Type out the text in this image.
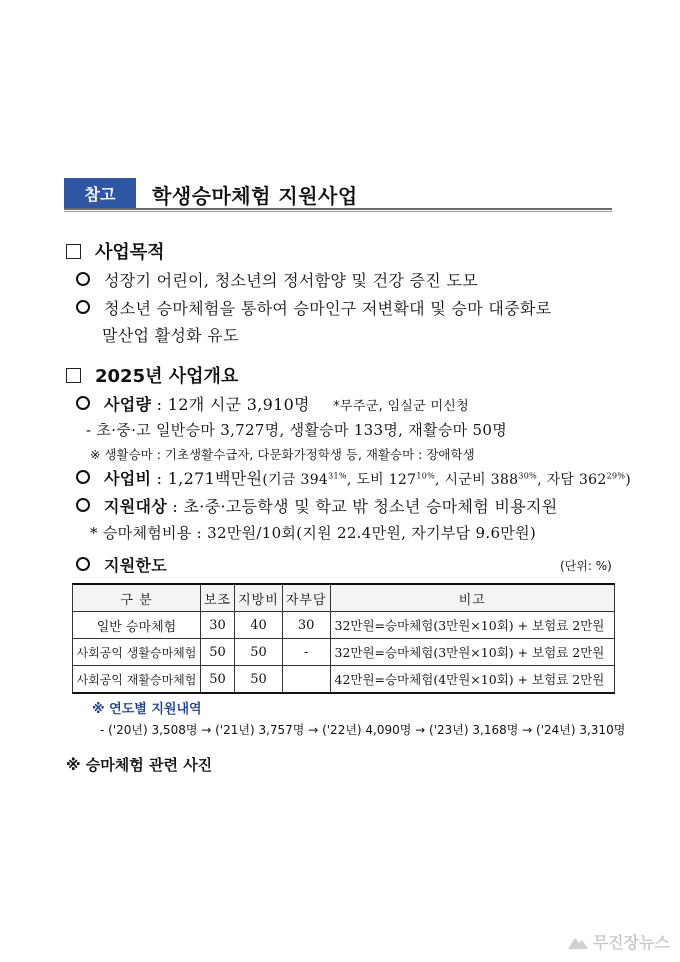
참고	학생승마체험 지원사업
사업목적
성장기 어린이, 청소년의 정서함양 및 건강 증진 도모
청소년 승마체험을 통하여 승마인구 저변확대 및 승마 대중화로
말산업 활성화 유도
2025년 사업개요
사업량 : 12개 시군 3,910명 *무주군, 임실군 미신청
- 초·중·고 일반승마 3,727명, 생활승마 133명, 재활승마 50명
※ 생활승마 : 기초생활수급자, 다문화가정학생 등, 재활승마 : 장애학생
사업비 : 1,271백만원(기금 $394^{31\%}$, 도비 $127^{10\%}$, 시군비 $388^{30\%}$, 자담 $362^{29\%}$)
지원대상 : 초·중·고등학생 및 학교 밖 청소년 승마체험 비용지원
* 승마체험비용 : 32만원/10회(지원 22.4만원, 자기부담 9.6만원)
지원한도	(단위: %)
구 분	보조	지방비	자부담	비고
일반 승마체험	30	40	30	32만원=승마체험(3만원×10회) + 보험료 2만원
사회공익 생활승마체험	50	50	-	32만원=승마체험(3만원×10회) + 보험료 2만원
사회공익 재활승마체험	50	50		42만원=승마체험(4만원×10회) + 보험료 2만원
※ 연도별 지원내역
- ('20년) 3,508명 → ('21년) 3,757명 → ('22년) 4,090명 → ('23년) 3,168명 → ('24년) 3,310명
※ 승마체험 관련 사진
무진장뉴스
